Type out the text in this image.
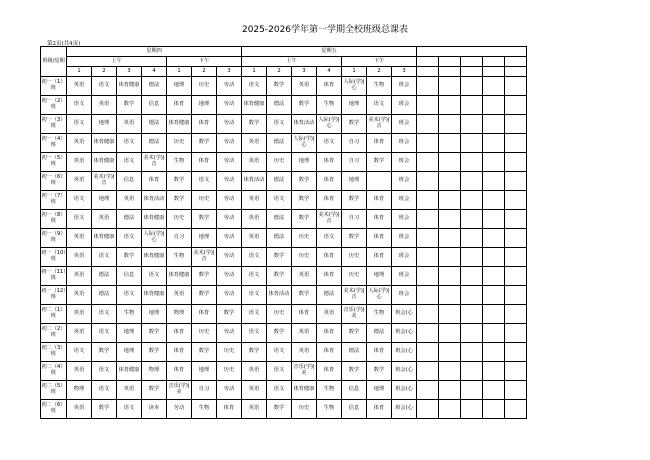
2025-2026学年第一学期全校班级总课表
第2页(共4页)
班级/星期	星期四							星期五											
	上午				下午			上午				下午							
	1	2	3	4	1	2	3	1	2	3	4	1	2	3					
初一（1）班	英语	语文	体育健康	德法	地理	历史	劳动	语文	数学	英语	体育	人际(学)|心	生物	班会					
初一（2）班	语文	英语	数学	信息	体育	地理	劳动	体育健康	德法	数学	生物	地理	语文	班会					
初一（3）班	语文	地理	英语	德法	体育健康	体育	劳动	数学	语文	体育活动	人际(学)|心	数学	美术(学)|音	班会					
初一（4）班	英语	体育健康	语文	德法	历史	数学	劳动	英语	德法	人际(学)|心	语文	自习	体育	班会					
初一（5）班	英语	体育健康	语文	美术(学)|音	生物	体育	劳动	英语	历史	地理	体育	自习	数学	班会					
初一（6）班	英语	美术(学)|音	信息	体育	数学	语文	劳动	体育活动	德法	数学	体育	地理		班会					
初一（7）班	语文	地理	英语	体育活动	数学	历史	劳动	英语	语文	数学	体育	数学	体育	班会					
初一（8）班	语文	英语	德法	体育健康	历史	数学	劳动	英语	德法	数学	美术(学)|音	自习	体育	班会					
初一（9）班	英语	体育健康	语文	人际(学)|心	自习	地理	劳动	英语	德法	历史	语文	数学	体育	班会					
初一（10）班	英语	语文	数学	体育健康	生物	美术(学)|音	劳动	语文	数学	历史	体育	历史	体育	班会					
初一（11）班	英语	德法	信息	语文	体育健康	数学	劳动	语文	数学	英语	体育	历史	地理	班会					
初一（12）班	英语	德法	语文	体育健康	英语	数学	劳动	语文	体育活动	数学	德法	美术(学)|音	人际(学)|心	班会					
初二（1）班	英语	语文	生物	地理	物理	体育	数学	语文	历史	体育	英语	音乐(学)|美	生物	班会(心					
初二（2）班	英语	语文	地理	数学	体育	历史	劳动	语文	数学	英语	体育	数学	德法	班会(心					
初二（3）班	语文	数学	地理	数学	体育	数学	历史	数学	语文	英语	体育	德法	体育	班会(心					
初二（4）班	英语	语文	体育健康	物理	体育	地理	历史	英语	语文	音乐(学)|美	体育	数学	数学	班会(心					
初二（5）班	物理	语文	英语	数学	音乐(学)|美	自习	劳动	英语	语文	体育健康	生物	信息	地理	班会(心					
初二（6）班	英语	数学	语文	读本	劳动	生物	体育	英语	数学	历史	生物	信息	体育	班会(心					
